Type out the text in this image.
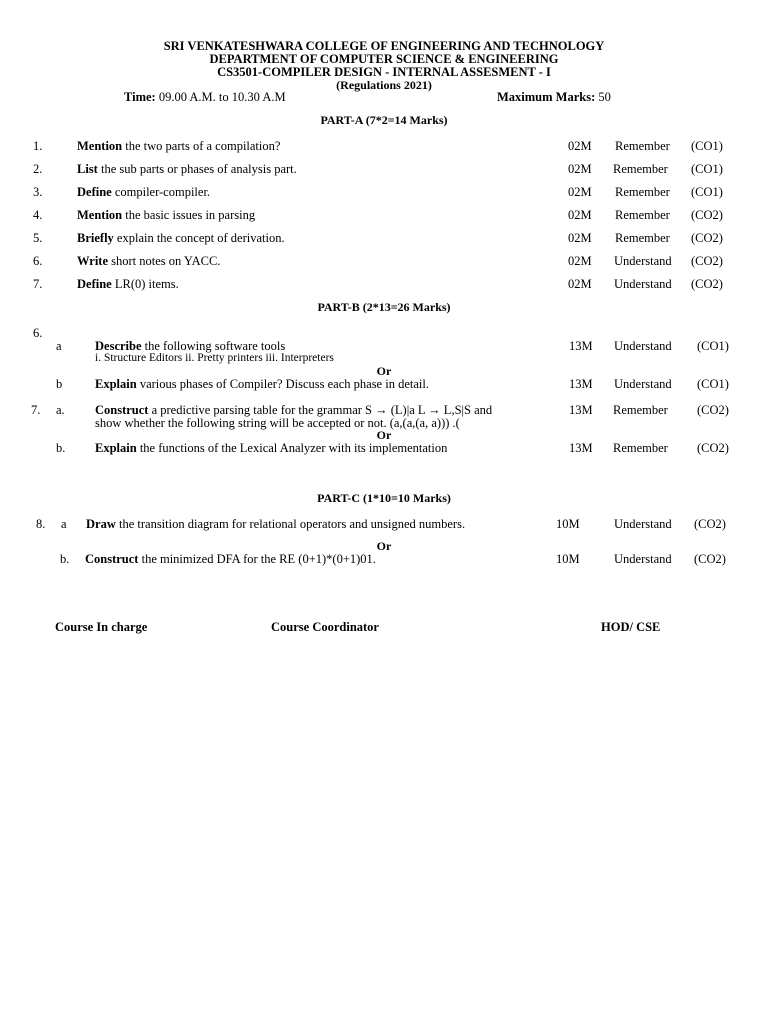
SRI VENKATESHWARA COLLEGE OF ENGINEERING AND TECHNOLOGY
DEPARTMENT OF COMPUTER SCIENCE & ENGINEERING
CS3501-COMPILER DESIGN - INTERNAL ASSESMENT - I
(Regulations 2021)
Time: 09.00 A.M. to 10.30 A.M	Maximum Marks: 50
PART-A (7*2=14 Marks)
1.	Mention the two parts of a compilation?	02M Remember (CO1)
2.	List the sub parts or phases of analysis part.	02M Remember (CO1)
3.	Define compiler-compiler.	02M Remember (CO1)
4.	Mention the basic issues in parsing	02M Remember (CO2)
5.	Briefly explain the concept of derivation.	02M Remember (CO2)
6.	Write short notes on YACC.	02M Understand (CO2)
7.	Define LR(0) items.	02M Understand (CO2)
PART-B (2*13=26 Marks)
6.
a	Describe the following software tools
i. Structure Editors ii. Pretty printers iii. Interpreters
13M Understand (CO1)
Or
b	Explain various phases of Compiler? Discuss each phase in detail.	13M Understand (CO1)
7. a. Construct a predictive parsing table for the grammar S → (L)|a L → L,S|S and
show whether the following string will be accepted or not. (a,(a,(a, a))) .(
13M Remember (CO2)
Or
b. Explain the functions of the Lexical Analyzer with its implementation	13M Remember (CO2)
PART-C (1*10=10 Marks)
8. a Draw the transition diagram for relational operators and unsigned numbers.	10M	Understand (CO2)
Or
b. Construct the minimized DFA for the RE (0+1)*(0+1)01.	10M	Understand (CO2)
Course In charge	Course Coordinator	HOD/ CSE
